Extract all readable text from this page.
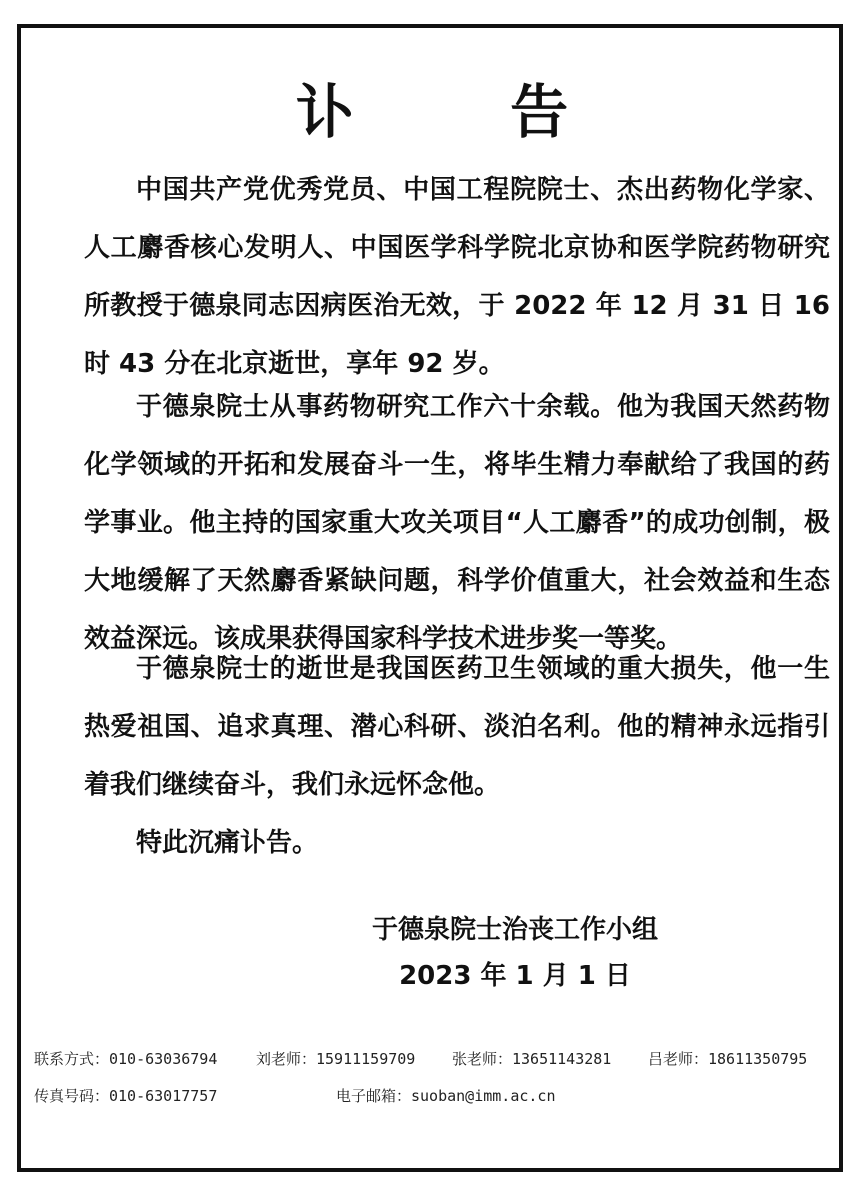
讣 告

中国共产党优秀党员、中国工程院院士、杰出药物化学家、人工麝香核心发明人、中国医学科学院北京协和医学院药物研究所教授于德泉同志因病医治无效，于 2022 年 12 月 31 日 16 时 43 分在北京逝世，享年 92 岁。

于德泉院士从事药物研究工作六十余载。他为我国天然药物化学领域的开拓和发展奋斗一生，将毕生精力奉献给了我国的药学事业。他主持的国家重大攻关项目“人工麝香”的成功创制，极大地缓解了天然麝香紧缺问题，科学价值重大，社会效益和生态效益深远。该成果获得国家科学技术进步奖一等奖。

于德泉院士的逝世是我国医药卫生领域的重大损失，他一生热爱祖国、追求真理、潜心科研、淡泊名利。他的精神永远指引着我们继续奋斗，我们永远怀念他。

特此沉痛讣告。

于德泉院士治丧工作小组
2023 年 1 月 1 日
联系方式：010-63036794	刘老师：15911159709 张老师：13651143281 吕老师：18611350795
传真号码：010-63017757	电子邮箱：suoban@imm.ac.cn
